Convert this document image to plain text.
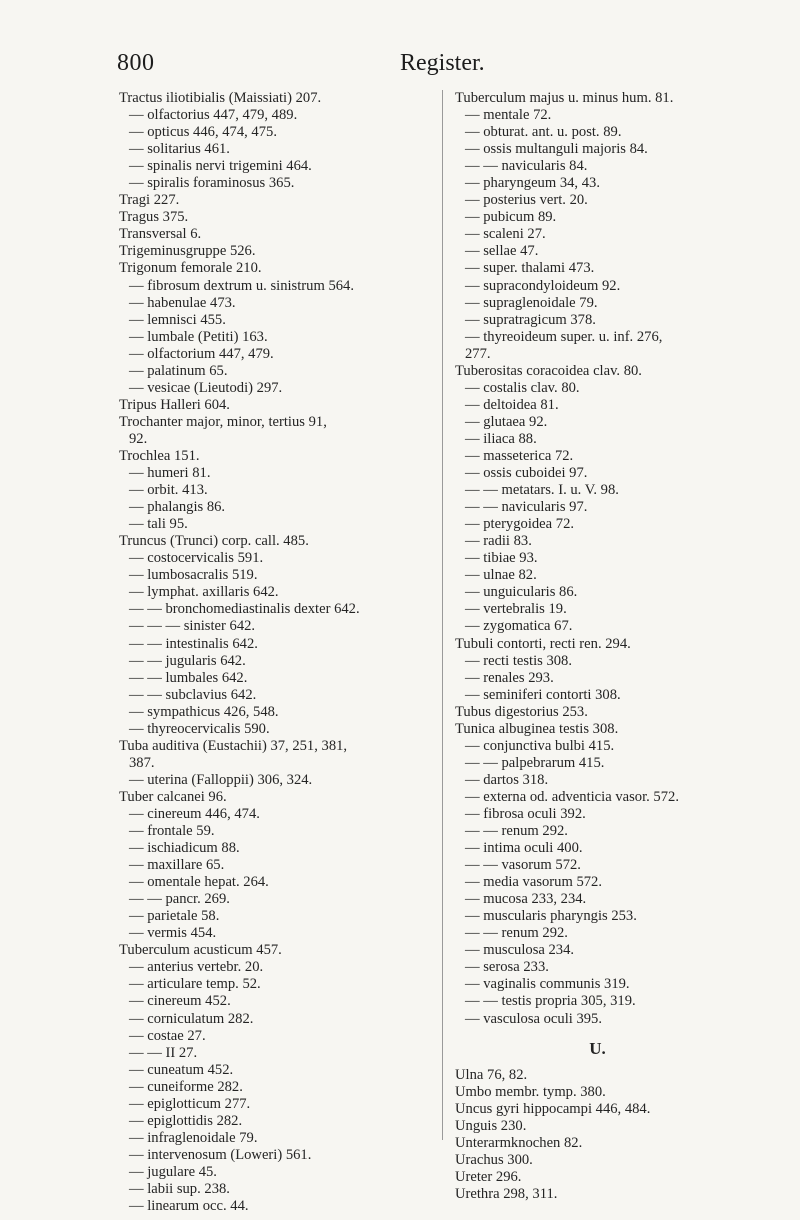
800	Register.
Tractus iliotibialis (Maissiati) 207.
— olfactorius 447, 479, 489.
— opticus 446, 474, 475.
— solitarius 461.
— spinalis nervi trigemini 464.
— spiralis foraminosus 365.
Tragi 227.
Tragus 375.
Transversal 6.
Trigeminusgruppe 526.
Trigonum femorale 210.
— fibrosum dextrum u. sinistrum 564.
— habenulae 473.
— lemnisci 455.
— lumbale (Petiti) 163.
— olfactorium 447, 479.
— palatinum 65.
— vesicae (Lieutodi) 297.
Tripus Halleri 604.
Trochanter major, minor, tertius 91,
92.
Trochlea 151.
— humeri 81.
— orbit. 413.
— phalangis 86.
— tali 95.
Truncus (Trunci) corp. call. 485.
— costocervicalis 591.
— lumbosacralis 519.
— lymphat. axillaris 642.
— — bronchomediastinalis dexter 642.
— — — sinister 642.
— — intestinalis 642.
— — jugularis 642.
— — lumbales 642.
— — subclavius 642.
— sympathicus 426, 548.
— thyreocervicalis 590.
Tuba auditiva (Eustachii) 37, 251, 381,
387.
— uterina (Falloppii) 306, 324.
Tuber calcanei 96.
— cinereum 446, 474.
— frontale 59.
— ischiadicum 88.
— maxillare 65.
— omentale hepat. 264.
— — pancr. 269.
— parietale 58.
— vermis 454.
Tuberculum acusticum 457.
— anterius vertebr. 20.
— articulare temp. 52.
— cinereum 452.
— corniculatum 282.
— costae 27.
— — II 27.
— cuneatum 452.
— cuneiforme 282.
— epiglotticum 277.
— epiglottidis 282.
— infraglenoidale 79.
— intervenosum (Loweri) 561.
— jugulare 45.
— labii sup. 238.
— linearum occ. 44.
Tuberculum majus u. minus hum. 81.
— mentale 72.
— obturat. ant. u. post. 89.
— ossis multanguli majoris 84.
— — navicularis 84.
— pharyngeum 34, 43.
— posterius vert. 20.
— pubicum 89.
— scaleni 27.
— sellae 47.
— super. thalami 473.
— supracondyloideum 92.
— supraglenoidale 79.
— supratragicum 378.
— thyreoideum super. u. inf. 276,
277.
Tuberositas coracoidea clav. 80.
— costalis clav. 80.
— deltoidea 81.
— glutaea 92.
— iliaca 88.
— masseterica 72.
— ossis cuboidei 97.
— — metatars. I. u. V. 98.
— — navicularis 97.
— pterygoidea 72.
— radii 83.
— tibiae 93.
— ulnae 82.
— unguicularis 86.
— vertebralis 19.
— zygomatica 67.
Tubuli contorti, recti ren. 294.
— recti testis 308.
— renales 293.
— seminiferi contorti 308.
Tubus digestorius 253.
Tunica albuginea testis 308.
— conjunctiva bulbi 415.
— — palpebrarum 415.
— dartos 318.
— externa od. adventicia vasor. 572.
— fibrosa oculi 392.
— — renum 292.
— intima oculi 400.
— — vasorum 572.
— media vasorum 572.
— mucosa 233, 234.
— muscularis pharyngis 253.
— — renum 292.
— musculosa 234.
— serosa 233.
— vaginalis communis 319.
— — testis propria 305, 319.
— vasculosa oculi 395.
U.
Ulna 76, 82.
Umbo membr. tymp. 380.
Uncus gyri hippocampi 446, 484.
Unguis 230.
Unterarmknochen 82.
Urachus 300.
Ureter 296.
Urethra 298, 311.
